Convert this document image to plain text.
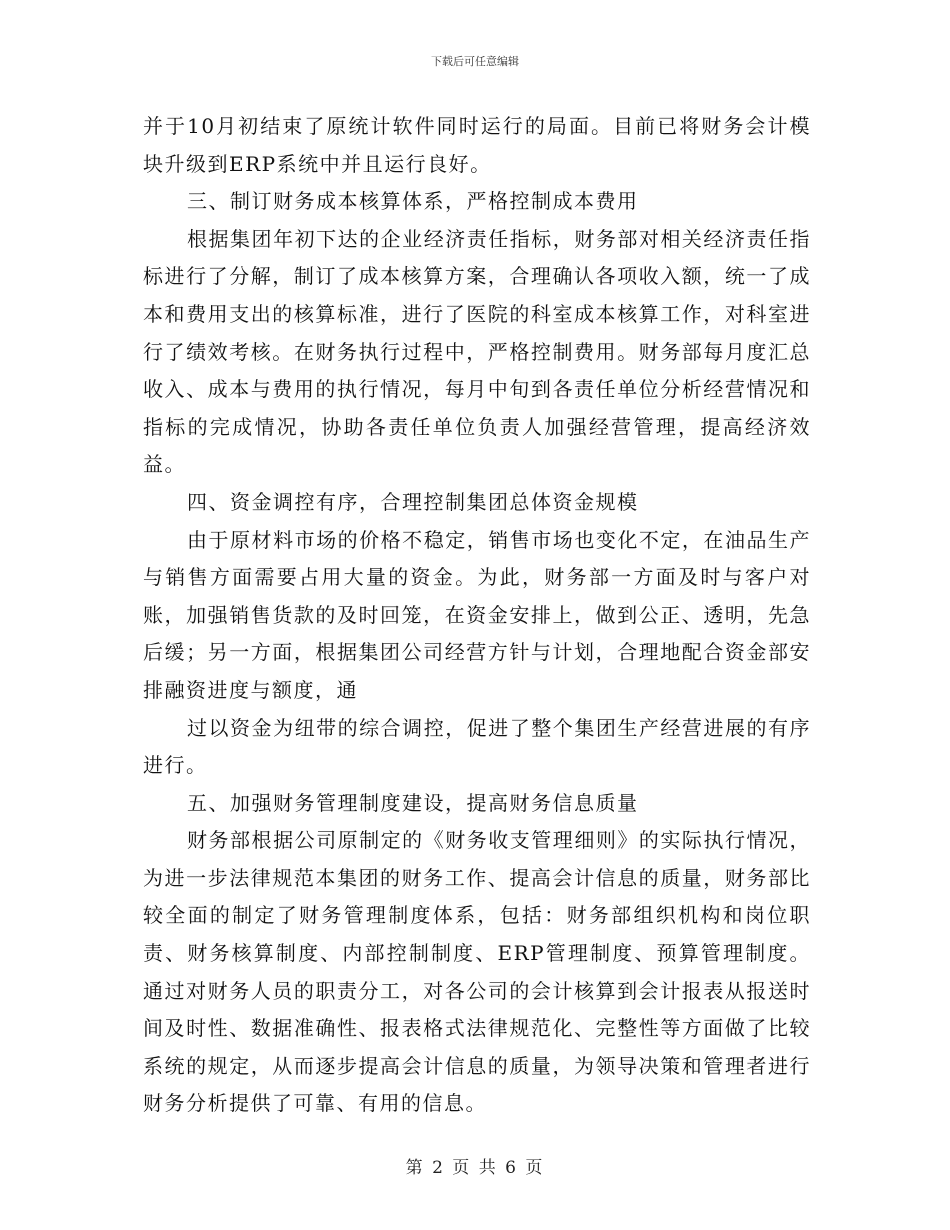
下载后可任意编辑

并于10月初结束了原统计软件同时运行的局面。目前已将财务会计模块升级到ERP系统中并且运行良好。

三、制订财务成本核算体系，严格控制成本费用

根据集团年初下达的企业经济责任指标，财务部对相关经济责任指标进行了分解，制订了成本核算方案，合理确认各项收入额，统一了成本和费用支出的核算标准，进行了医院的科室成本核算工作，对科室进行了绩效考核。在财务执行过程中，严格控制费用。财务部每月度汇总收入、成本与费用的执行情况，每月中旬到各责任单位分析经营情况和指标的完成情况，协助各责任单位负责人加强经营管理，提高经济效益。

四、资金调控有序，合理控制集团总体资金规模

由于原材料市场的价格不稳定，销售市场也变化不定，在油品生产与销售方面需要占用大量的资金。为此，财务部一方面及时与客户对账，加强销售货款的及时回笼，在资金安排上，做到公正、透明，先急后缓；另一方面，根据集团公司经营方针与计划，合理地配合资金部安排融资进度与额度，通

过以资金为纽带的综合调控，促进了整个集团生产经营进展的有序进行。

五、加强财务管理制度建设，提高财务信息质量

财务部根据公司原制定的《财务收支管理细则》的实际执行情况，为进一步法律规范本集团的财务工作、提高会计信息的质量，财务部比较全面的制定了财务管理制度体系，包括：财务部组织机构和岗位职责、财务核算制度、内部控制制度、ERP管理制度、预算管理制度。通过对财务人员的职责分工，对各公司的会计核算到会计报表从报送时间及时性、数据准确性、报表格式法律规范化、完整性等方面做了比较系统的规定，从而逐步提高会计信息的质量，为领导决策和管理者进行财务分析提供了可靠、有用的信息。

第 2 页 共 6 页
